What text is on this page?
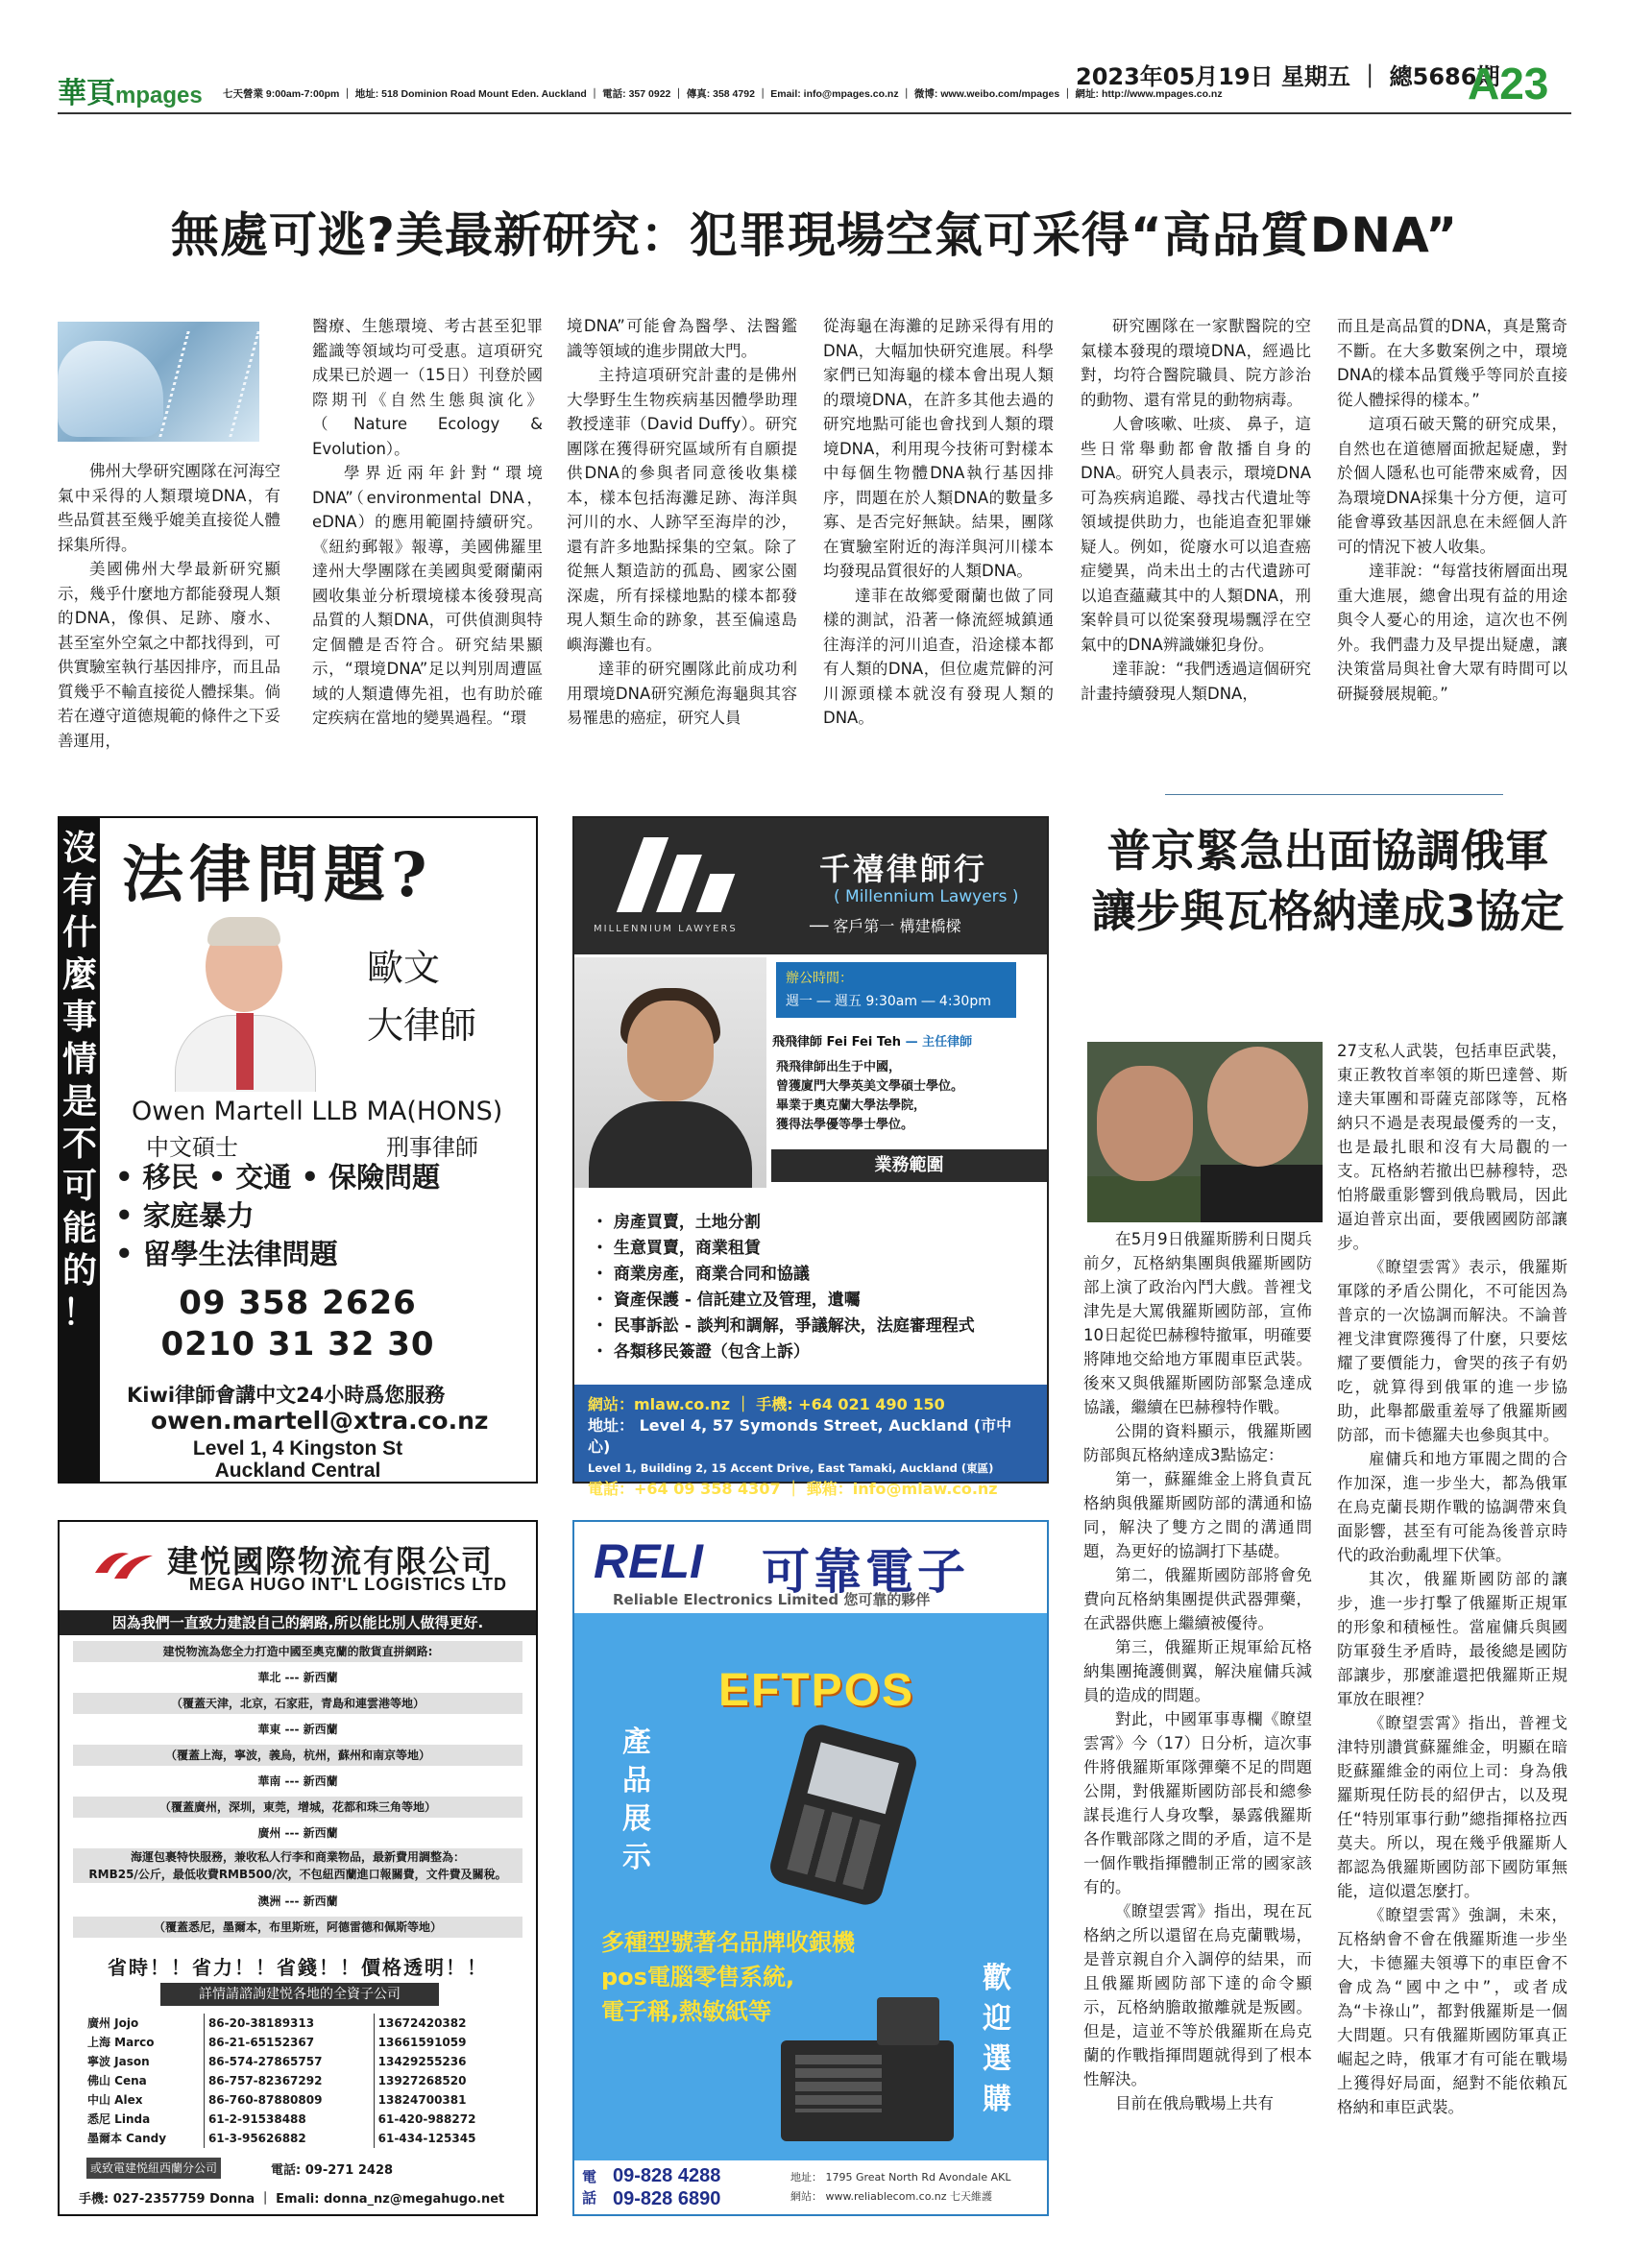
華頁mpages 七天營業 9:00am-7:00pm ｜ 地址: 518 Dominion Road Mount Eden. Auckland ｜ 電話: 357 0922 ｜ 傳真: 358 4792 ｜ Email: info@mpages.co.nz ｜ 微博: www.weibo.com/mpages ｜ 網址: http://www.mpages.co.nz
2023年05月19日 星期五 ｜ 總5686期
A23
無處可逃?美最新研究：犯罪現場空氣可采得“高品質DNA”

佛州大學研究團隊在河海空氣中采得的人類環境DNA，有些品質甚至幾乎媲美直接從人體採集所得。

美國佛州大學最新研究顯示，幾乎什麼地方都能發現人類的DNA，像俱、足跡、廢水、甚至室外空氣之中都找得到，可供實驗室執行基因排序，而且品質幾乎不輸直接從人體採集。倘若在遵守道德規範的條件之下妥善運用，

醫療、生態環境、考古甚至犯罪鑑識等領域均可受惠。這項研究成果已於週一（15日）刊登於國際期刊《自然生態與演化》（Nature Ecology & Evolution）。

學界近兩年針對“環境DNA”（environmental DNA，eDNA）的應用範圍持續研究。《紐約郵報》報導，美國佛羅里達州大學團隊在美國與愛爾蘭兩國收集並分析環境樣本後發現高品質的人類DNA，可供偵測與特定個體是否符合。研究結果顯示，“環境DNA”足以判別周遭區域的人類遺傳先祖，也有助於確定疾病在當地的變異過程。“環

境DNA”可能會為醫學、法醫鑑識等領域的進步開啟大門。

主持這項研究計畫的是佛州大學野生生物疾病基因體學助理教授達菲（David Duffy）。研究團隊在獲得研究區域所有自願提供DNA的參與者同意後收集樣本，樣本包括海灘足跡、海洋與河川的水、人跡罕至海岸的沙，還有許多地點採集的空氣。除了從無人類造訪的孤島、國家公園深處，所有採樣地點的樣本都發現人類生命的跡象，甚至偏遠島嶼海灘也有。

達菲的研究團隊此前成功利用環境DNA研究瀕危海龜與其容易罹患的癌症，研究人員

從海龜在海灘的足跡采得有用的DNA，大幅加快研究進展。科學家們已知海龜的樣本會出現人類的環境DNA，在許多其他去過的研究地點可能也會找到人類的環境DNA，利用現今技術可對樣本中每個生物體DNA執行基因排序，問題在於人類DNA的數量多寡、是否完好無缺。結果，團隊在實驗室附近的海洋與河川樣本均發現品質很好的人類DNA。

達菲在故鄉愛爾蘭也做了同樣的測試，沿著一條流經城鎮通往海洋的河川追查，沿途樣本都有人類的DNA，但位處荒僻的河川源頭樣本就沒有發現人類的DNA。

研究團隊在一家獸醫院的空氣樣本發現的環境DNA，經過比對，均符合醫院職員、院方診治的動物、還有常見的動物病毒。

人會咳嗽、吐痰、 鼻子，這些日常舉動都會散播自身的DNA。研究人員表示，環境DNA可為疾病追蹤、尋找古代遺址等領域提供助力，也能追查犯罪嫌疑人。例如，從廢水可以追查癌症變異，尚未出土的古代遺跡可以追查蘊藏其中的人類DNA，刑案幹員可以從案發現場飄浮在空氣中的DNA辨識嫌犯身份。

達菲說：“我們透過這個研究計畫持續發現人類DNA，

而且是高品質的DNA，真是驚奇不斷。在大多數案例之中，環境DNA的樣本品質幾乎等同於直接從人體採得的樣本。”

這項石破天驚的研究成果，自然也在道德層面掀起疑慮，對於個人隱私也可能帶來威脅，因為環境DNA採集十分方便，這可能會導致基因訊息在未經個人許可的情況下被人收集。

達菲說：“每當技術層面出現重大進展，總會出現有益的用途與令人憂心的用途，這次也不例外。我們盡力及早提出疑慮，讓決策當局與社會大眾有時間可以研擬發展規範。”

沒
有
什
麼
事
情
是
不
可
能
的
！
法律問題?
歐文
大律師
Owen Martell LLB MA(HONS)
中文碩士	刑事律師
• 移民 • 交通 • 保險問題
• 家庭暴力
• 留學生法律問題
09 358 2626
0210 31 32 30
Kiwi律師會講中文24小時爲您服務
owen.martell@xtra.co.nz
Level 1, 4 Kingston St
Auckland Central
MILLENNIUM LAWYERS
千禧律師行
( Millennium Lawyers )
── 客戶第一 構建橋樑
辦公時間：
週一 ― 週五 9:30am ― 4:30pm
飛飛律師 Fei Fei Teh — 主任律師
飛飛律師出生于中國，
曾獲廈門大學英美文學碩士學位。
畢業于奧克蘭大學法學院，
獲得法學優等學士學位。
業務範圍
・ 房產買賣，土地分割
・ 生意買賣，商業租賃
・ 商業房產，商業合同和協議
・ 資產保護 - 信託建立及管理，遺囑
・ 民事訴訟 - 談判和調解，爭議解決，法庭審理程式
・ 各類移民簽證（包含上訴）
網站：mlaw.co.nz ｜ 手機: +64 021 490 150
地址： Level 4, 57 Symonds Street, Auckland (市中心)
Level 1, Building 2, 15 Accent Drive, East Tamaki, Auckland (東區)
電話：+64 09 358 4307 ｜ 郵箱：info@mlaw.co.nz
建悦國際物流有限公司
MEGA HUGO INT'L LOGISTICS LTD
因為我們一直致力建設自己的網路,所以能比別人做得更好.
建悦物流為您全力打造中國至奧克蘭的散貨直拼網路:
華北 --- 新西蘭
（覆蓋天津，北京，石家莊，青島和連雲港等地）
華東 --- 新西蘭
（覆蓋上海，寧波，義烏，杭州，蘇州和南京等地）
華南 --- 新西蘭
（覆蓋廣州，深圳，東莞，增城，花都和珠三角等地）
廣州 --- 新西蘭
海運包裹特快服務，兼收私人行李和商業物品，最新費用調整為：
RMB25/公斤，最低收費RMB500/次，不包紐西蘭進口報關費，文件費及關稅。
澳洲 --- 新西蘭
（覆蓋悉尼，墨爾本，布里斯班，阿德雷德和佩斯等地）
省時！！省力！！省錢！！價格透明！！
詳情請諮詢建悦各地的全資子公司
廣州 Jojo	86-20-38189313	13672420382
上海 Marco	86-21-65152367	13661591059
寧波 Jason	86-574-27865757	13429255236
佛山 Cena	86-757-82367292	13927268520
中山 Alex	86-760-87880809	13824700381
悉尼 Linda	61-2-91538488	61-420-988272
墨爾本 Candy	61-3-95626882	61-434-125345
或致電建悦紐西蘭分公司	電話: 09-271 2428
手機: 027-2357759 Donna ｜ Emali: donna_nz@megahugo.net
RELI 可靠電子
Reliable Electronics Limited 您可靠的夥伴
EFTPOS
產
品
展
示
多種型號著名品牌收銀機
pos電腦零售系統,
電子稱,熱敏紙等
歡
迎
選
購
電話
09-828 4288
09-828 6890
地址： 1795 Great North Rd Avondale AKL
網站： www.reliablecom.co.nz 七天維護
普京緊急出面協調俄軍讓步與瓦格納達成3協定

在5月9日俄羅斯勝利日閱兵前夕，瓦格納集團與俄羅斯國防部上演了政治內鬥大戲。普裡戈津先是大罵俄羅斯國防部，宣佈10日起從巴赫穆特撤軍，明確要將陣地交給地方軍閥車臣武裝。後來又與俄羅斯國防部緊急達成協議，繼續在巴赫穆特作戰。

公開的資料顯示，俄羅斯國防部與瓦格納達成3點協定：

第一，蘇羅維金上將負責瓦格納與俄羅斯國防部的溝通和協同，解決了雙方之間的溝通問題，為更好的協調打下基礎。

第二，俄羅斯國防部將會免費向瓦格納集團提供武器彈藥，在武器供應上繼續被優待。

第三，俄羅斯正規軍給瓦格納集團掩護側翼，解決雇傭兵減員的造成的問題。

對此，中國軍事專欄《瞭望雲霄》今（17）日分析，這次事件將俄羅斯軍隊彈藥不足的問題公開，對俄羅斯國防部長和總參謀長進行人身攻擊，暴露俄羅斯各作戰部隊之間的矛盾，這不是一個作戰指揮體制正常的國家該有的。

《瞭望雲霄》指出，現在瓦格納之所以還留在烏克蘭戰場，是普京親自介入調停的結果，而且俄羅斯國防部下達的命令顯示，瓦格納膽敢撤離就是叛國。但是，這並不等於俄羅斯在烏克蘭的作戰指揮問題就得到了根本性解決。

目前在俄烏戰場上共有

27支私人武裝，包括車臣武裝，東正教牧首率領的斯巴達營、斯達夫軍團和哥薩克部隊等，瓦格納只不過是表現最優秀的一支，也是最扎眼和沒有大局觀的一支。瓦格納若撤出巴赫穆特，恐怕將嚴重影響到俄烏戰局，因此逼迫普京出面，要俄國國防部讓步。

《瞭望雲霄》表示，俄羅斯軍隊的矛盾公開化，不可能因為普京的一次協調而解決。不論普裡戈津實際獲得了什麼，只要炫耀了要價能力，會哭的孩子有奶吃，就算得到俄軍的進一步協助，此舉都嚴重羞辱了俄羅斯國防部，而卡德羅夫也參與其中。

雇傭兵和地方軍閥之間的合作加深，進一步坐大，都為俄軍在烏克蘭長期作戰的協調帶來負面影響，甚至有可能為後普京時代的政治動亂埋下伏筆。

其次，俄羅斯國防部的讓步，進一步打擊了俄羅斯正規軍的形象和積極性。當雇傭兵與國防軍發生矛盾時，最後總是國防部讓步，那麼誰還把俄羅斯正規軍放在眼裡？

《瞭望雲霄》指出，普裡戈津特別讚賞蘇羅維金，明顯在暗貶蘇羅維金的兩位上司：身為俄羅斯現任防長的紹伊古，以及現任“特別軍事行動”總指揮格拉西莫夫。所以，現在幾乎俄羅斯人都認為俄羅斯國防部下國防軍無能，這似還怎麼打。

《瞭望雲霄》強調，未來，瓦格納會不會在俄羅斯進一步坐大，卡德羅夫領導下的車臣會不會成為“國中之中”，或者成為“卡祿山”，都對俄羅斯是一個大問題。只有俄羅斯國防軍真正崛起之時，俄軍才有可能在戰場上獲得好局面，絕對不能依賴瓦格納和車臣武裝。
